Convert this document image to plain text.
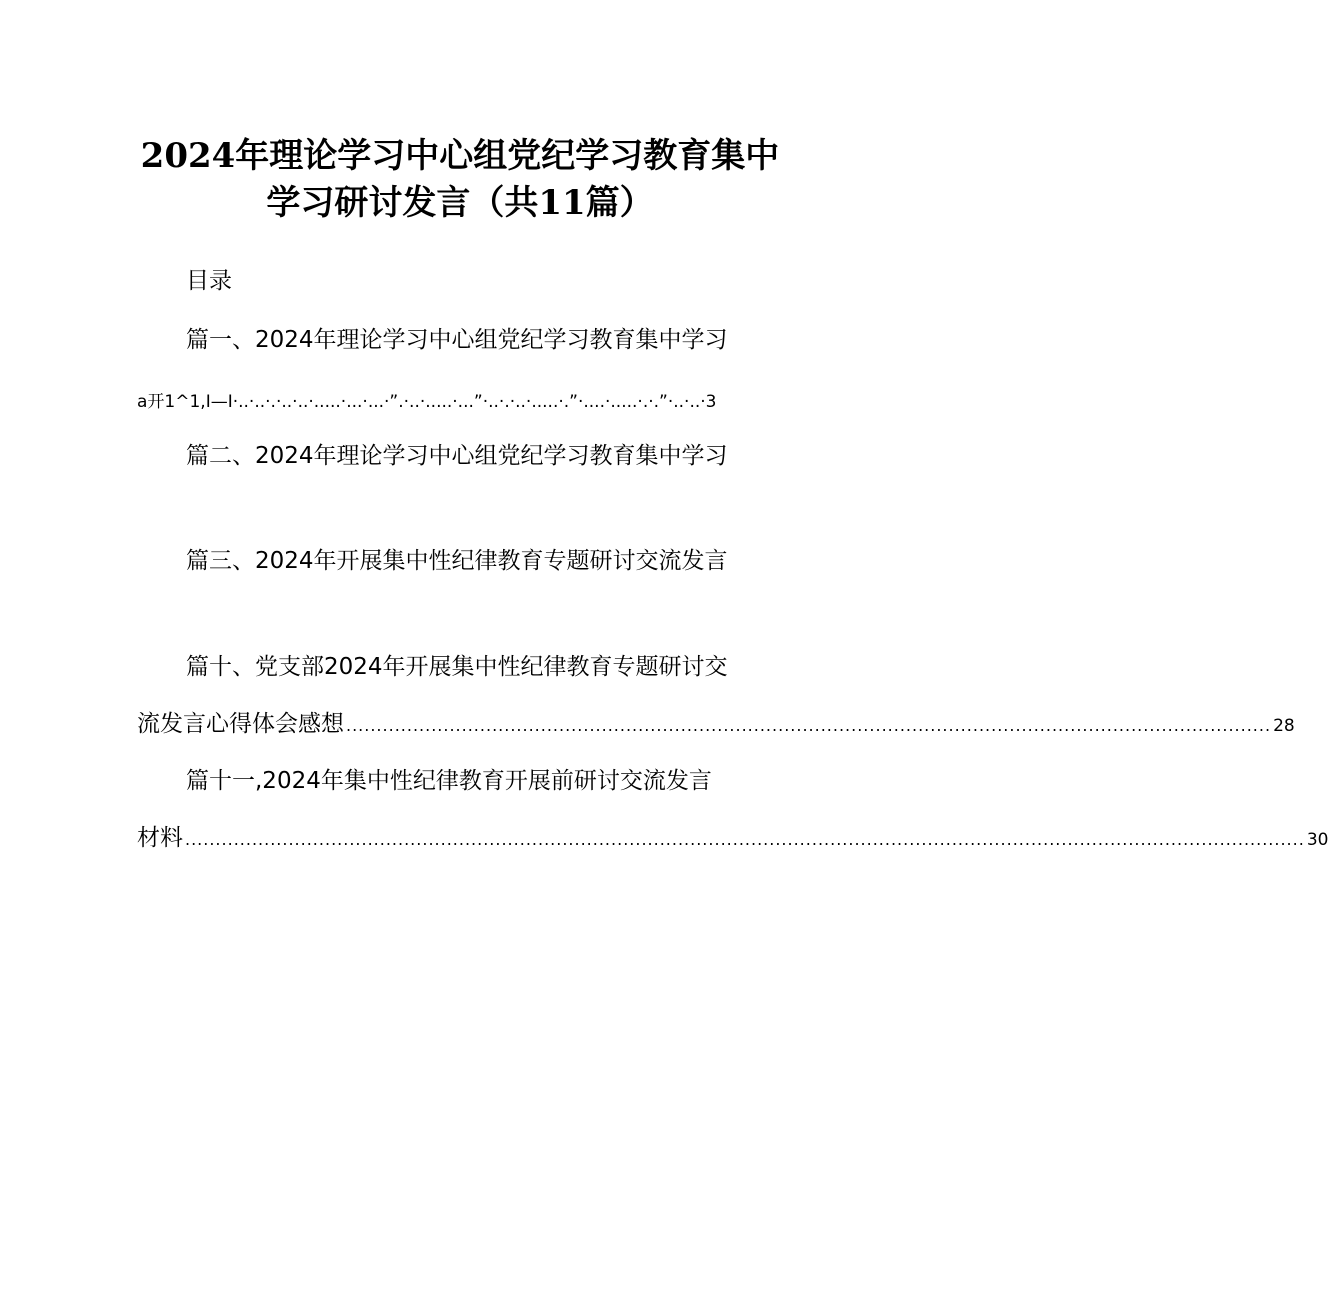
2024年理论学习中心组党纪学习教育集中
学习研讨发言（共11篇）
目录
篇一、2024年理论学习中心组党纪学习教育集中学习
a开1^1,I—I·..·..·.·..·..·.....·...·...·”.·..·.....·...”·..·.·..·.....·.”·....·.....·.·.”·..·..·3
篇二、2024年理论学习中心组党纪学习教育集中学习
篇三、2024年开展集中性纪律教育专题研讨交流发言
篇十、党支部2024年开展集中性纪律教育专题研讨交
流发言心得体会感想 ........................................................................................................................................................ 28
篇十一,2024年集中性纪律教育开展前研讨交流发言
材料 ........................................................................................................................................................................................ 30
